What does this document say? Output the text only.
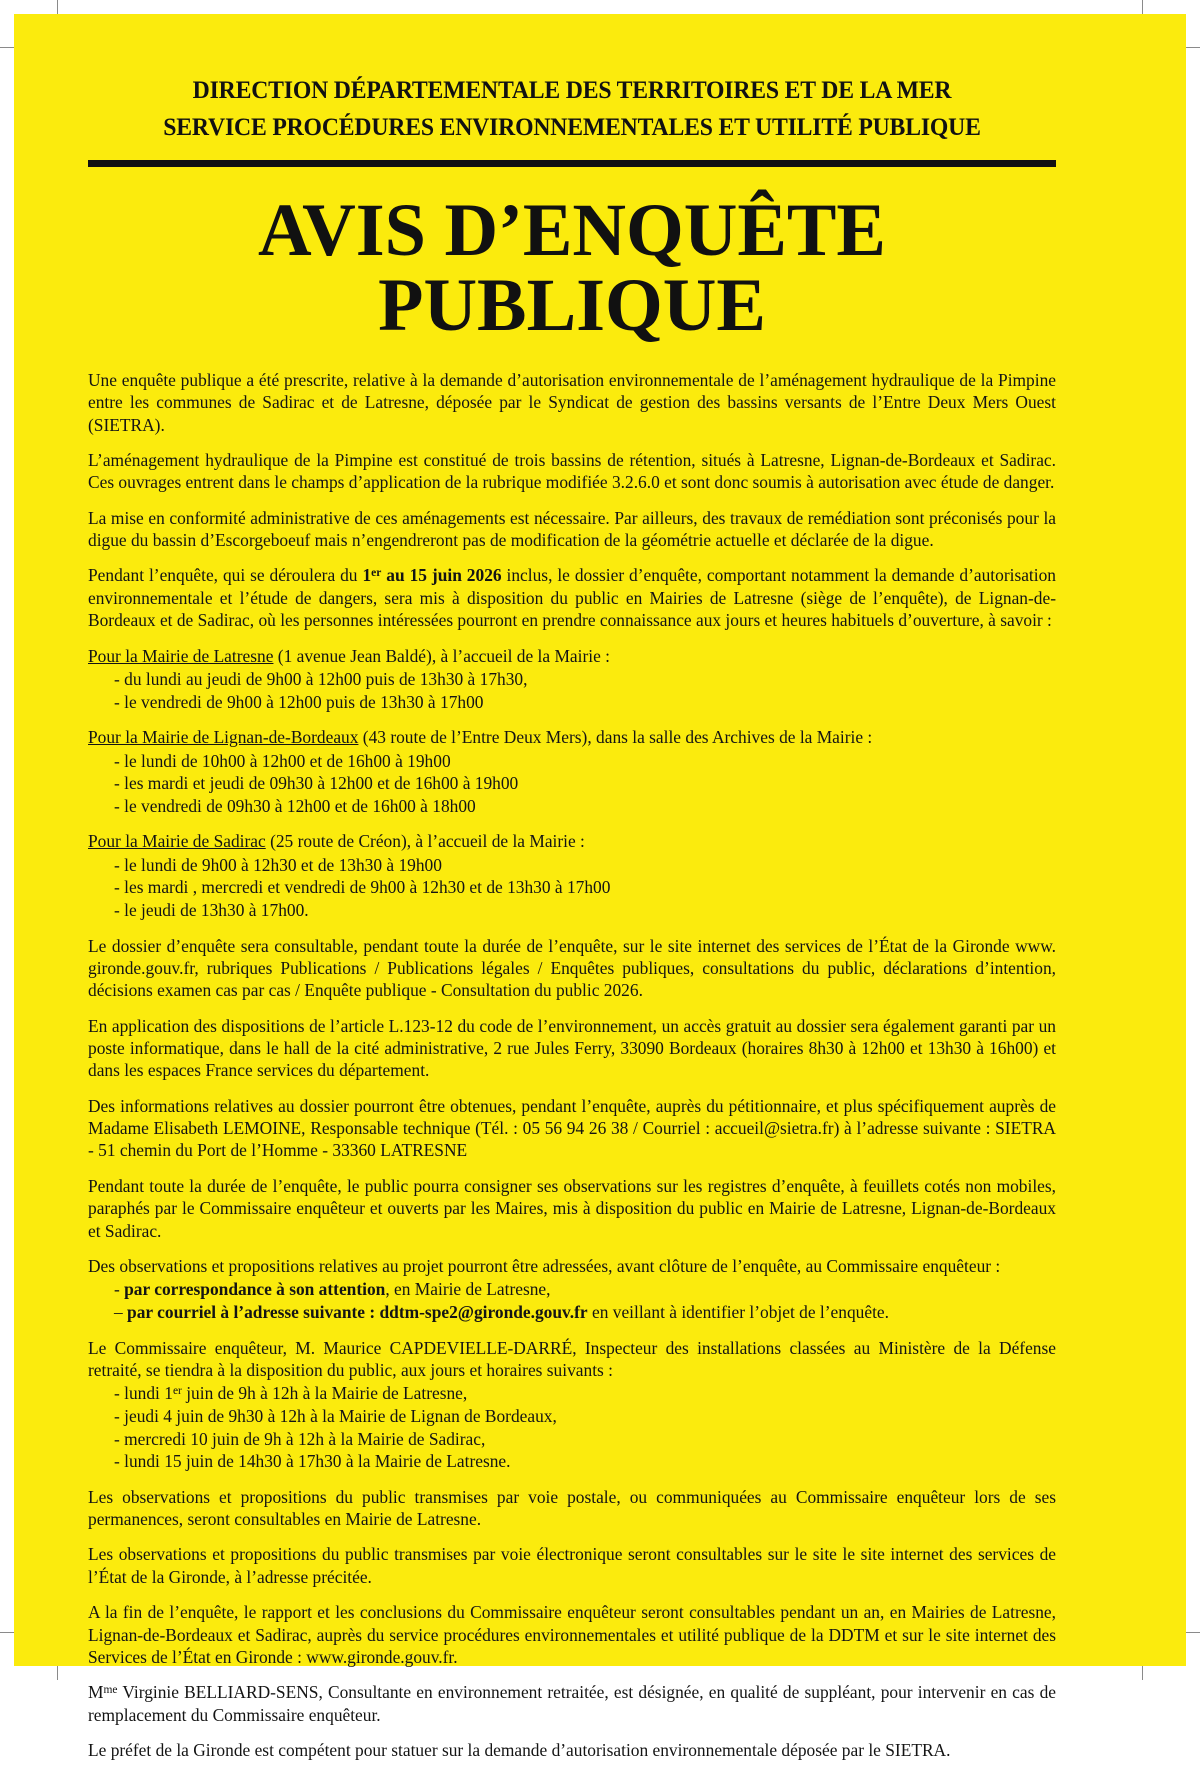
DIRECTION DÉPARTEMENTALE DES TERRITOIRES ET DE LA MER
SERVICE PROCÉDURES ENVIRONNEMENTALES ET UTILITÉ PUBLIQUE
AVIS D’ENQUÊTE PUBLIQUE

Une enquête publique a été prescrite, relative à la demande d’autorisation environnementale de l’aménagement hydraulique de la Pimpine entre les communes de Sadirac et de Latresne, déposée par le Syndicat de gestion des bassins versants de l’Entre Deux Mers Ouest (SIETRA).

L’aménagement hydraulique de la Pimpine est constitué de trois bassins de rétention, situés à Latresne, Lignan-de-Bordeaux et Sadirac. Ces ouvrages entrent dans le champs d’application de la rubrique modifiée 3.2.6.0 et sont donc soumis à autorisation avec étude de danger.

La mise en conformité administrative de ces aménagements est nécessaire. Par ailleurs, des travaux de remédiation sont préconisés pour la digue du bassin d’Escorgeboeuf mais n’engendreront pas de modification de la géométrie actuelle et déclarée de la digue.

Pendant l’enquête, qui se déroulera du 1er au 15 juin 2026 inclus, le dossier d’enquête, comportant notamment la demande d’autorisation environnementale et l’étude de dangers, sera mis à disposition du public en Mairies de Latresne (siège de l’enquête), de Lignan-de-Bordeaux et de Sadirac, où les personnes intéressées pourront en prendre connaissance aux jours et heures habituels d’ouverture, à savoir :

Pour la Mairie de Latresne (1 avenue Jean Baldé), à l’accueil de la Mairie :

- du lundi au jeudi de 9h00 à 12h00 puis de 13h30 à 17h30,

- le vendredi de 9h00 à 12h00 puis de 13h30 à 17h00

Pour la Mairie de Lignan-de-Bordeaux (43 route de l’Entre Deux Mers), dans la salle des Archives de la Mairie :

- le lundi de 10h00 à 12h00 et de 16h00 à 19h00

- les mardi et jeudi de 09h30 à 12h00 et de 16h00 à 19h00

- le vendredi de 09h30 à 12h00 et de 16h00 à 18h00

Pour la Mairie de Sadirac (25 route de Créon), à l’accueil de la Mairie :

- le lundi de 9h00 à 12h30 et de 13h30 à 19h00

- les mardi , mercredi et vendredi de 9h00 à 12h30 et de 13h30 à 17h00

- le jeudi de 13h30 à 17h00.

Le dossier d’enquête sera consultable, pendant toute la durée de l’enquête, sur le site internet des services de l’État de la Gironde www. gironde.gouv.fr, rubriques Publications / Publications légales / Enquêtes publiques, consultations du public, déclarations d’intention, décisions examen cas par cas / Enquête publique - Consultation du public 2026.

En application des dispositions de l’article L.123-12 du code de l’environnement, un accès gratuit au dossier sera également garanti par un poste informatique, dans le hall de la cité administrative, 2 rue Jules Ferry, 33090 Bordeaux (horaires 8h30 à 12h00 et 13h30 à 16h00) et dans les espaces France services du département.

Des informations relatives au dossier pourront être obtenues, pendant l’enquête, auprès du pétitionnaire, et plus spécifiquement auprès de Madame Elisabeth LEMOINE, Responsable technique (Tél. : 05 56 94 26 38 / Courriel : accueil@sietra.fr) à l’adresse suivante : SIETRA - 51 chemin du Port de l’Homme - 33360 LATRESNE

Pendant toute la durée de l’enquête, le public pourra consigner ses observations sur les registres d’enquête, à feuillets cotés non mobiles, paraphés par le Commissaire enquêteur et ouverts par les Maires, mis à disposition du public en Mairie de Latresne, Lignan-de-Bordeaux et Sadirac.

Des observations et propositions relatives au projet pourront être adressées, avant clôture de l’enquête, au Commissaire enquêteur :

- par correspondance à son attention, en Mairie de Latresne,

– par courriel à l’adresse suivante : ddtm-spe2@gironde.gouv.fr en veillant à identifier l’objet de l’enquête.

Le Commissaire enquêteur, M. Maurice CAPDEVIELLE-DARRÉ, Inspecteur des installations classées au Ministère de la Défense retraité, se tiendra à la disposition du public, aux jours et horaires suivants :

- lundi 1er juin de 9h à 12h à la Mairie de Latresne,

- jeudi 4 juin de 9h30 à 12h à la Mairie de Lignan de Bordeaux,

- mercredi 10 juin de 9h à 12h à la Mairie de Sadirac,

- lundi 15 juin de 14h30 à 17h30 à la Mairie de Latresne.

Les observations et propositions du public transmises par voie postale, ou communiquées au Commissaire enquêteur lors de ses permanences, seront consultables en Mairie de Latresne.

Les observations et propositions du public transmises par voie électronique seront consultables sur le site le site internet des services de l’État de la Gironde, à l’adresse précitée.

A la fin de l’enquête, le rapport et les conclusions du Commissaire enquêteur seront consultables pendant un an, en Mairies de Latresne, Lignan-de-Bordeaux et Sadirac, auprès du service procédures environnementales et utilité publique de la DDTM et sur le site internet des Services de l’État en Gironde : www.gironde.gouv.fr.

$M^{me}$ Virginie BELLIARD-SENS, Consultante en environnement retraitée, est désignée, en qualité de suppléant, pour intervenir en cas de remplacement du Commissaire enquêteur.

Le préfet de la Gironde est compétent pour statuer sur la demande d’autorisation environnementale déposée par le SIETRA.
